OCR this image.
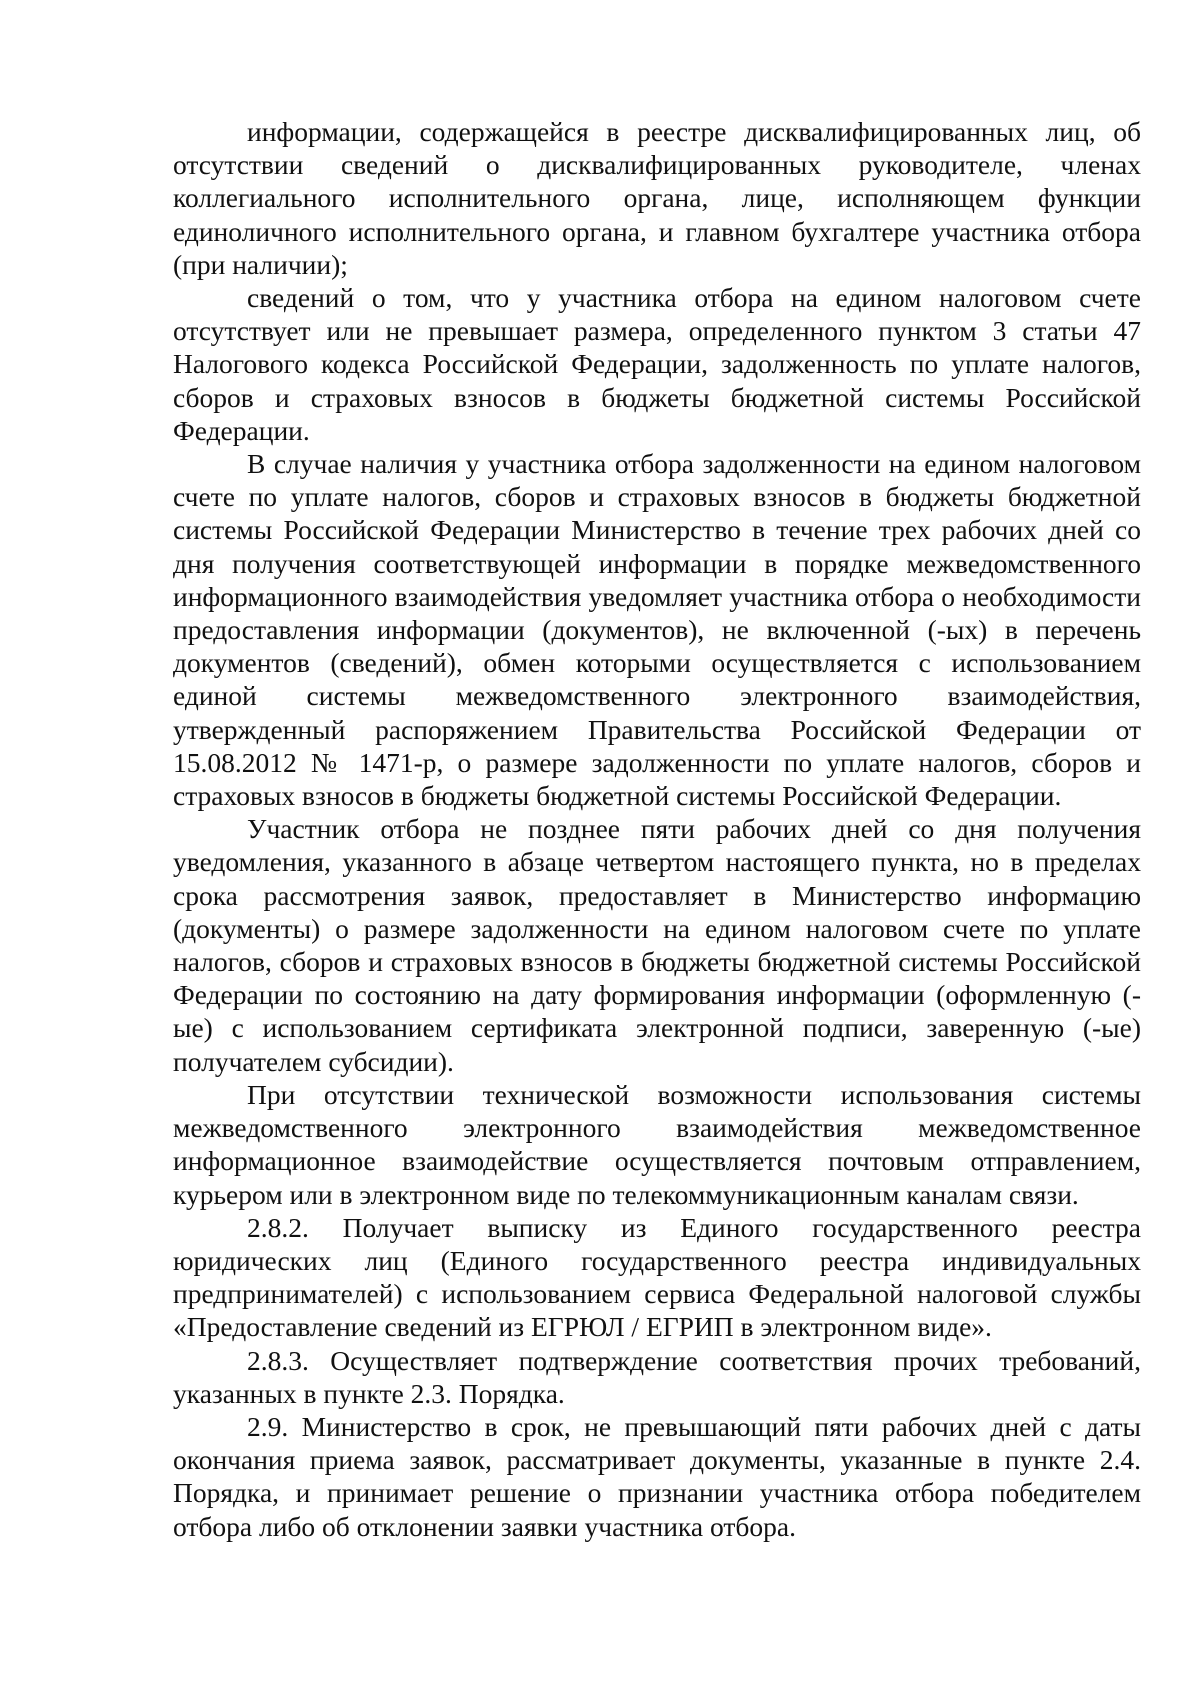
информации, содержащейся в реестре дисквалифицированных лиц, об отсутствии сведений о дисквалифицированных руководителе, членах коллегиального исполнительного органа, лице, исполняющем функции единоличного исполнительного органа, и главном бухгалтере участника отбора (при наличии);

сведений о том, что у участника отбора на едином налоговом счете отсутствует или не превышает размера, определенного пунктом 3 статьи 47 Налогового кодекса Российской Федерации, задолженность по уплате налогов, сборов и страховых взносов в бюджеты бюджетной системы Российской Федерации.

В случае наличия у участника отбора задолженности на едином налоговом счете по уплате налогов, сборов и страховых взносов в бюджеты бюджетной системы Российской Федерации Министерство в течение трех рабочих дней со дня получения соответствующей информации в порядке межведомственного информационного взаимодействия уведомляет участника отбора о необходимости предоставления информации (документов), не включенной (-ых) в перечень документов (сведений), обмен которыми осуществляется с использованием единой системы межведомственного электронного взаимодействия, утвержденный распоряжением Правительства Российской Федерации от 15.08.2012 № 1471-р, о размере задолженности по уплате налогов, сборов и страховых взносов в бюджеты бюджетной системы Российской Федерации.

Участник отбора не позднее пяти рабочих дней со дня получения уведомления, указанного в абзаце четвертом настоящего пункта, но в пределах срока рассмотрения заявок, предоставляет в Министерство информацию (документы) о размере задолженности на едином налоговом счете по уплате налогов, сборов и страховых взносов в бюджеты бюджетной системы Российской Федерации по состоянию на дату формирования информации (оформленную (-ые) с использованием сертификата электронной подписи, заверенную (-ые) получателем субсидии).

При отсутствии технической возможности использования системы межведомственного электронного взаимодействия межведомственное информационное взаимодействие осуществляется почтовым отправлением, курьером или в электронном виде по телекоммуникационным каналам связи.

2.8.2. Получает выписку из Единого государственного реестра юридических лиц (Единого государственного реестра индивидуальных предпринимателей) с использованием сервиса Федеральной налоговой службы «Предоставление сведений из ЕГРЮЛ / ЕГРИП в электронном виде».

2.8.3. Осуществляет подтверждение соответствия прочих требований, указанных в пункте 2.3. Порядка.

2.9. Министерство в срок, не превышающий пяти рабочих дней с даты окончания приема заявок, рассматривает документы, указанные в пункте 2.4. Порядка, и принимает решение о признании участника отбора победителем отбора либо об отклонении заявки участника отбора.
